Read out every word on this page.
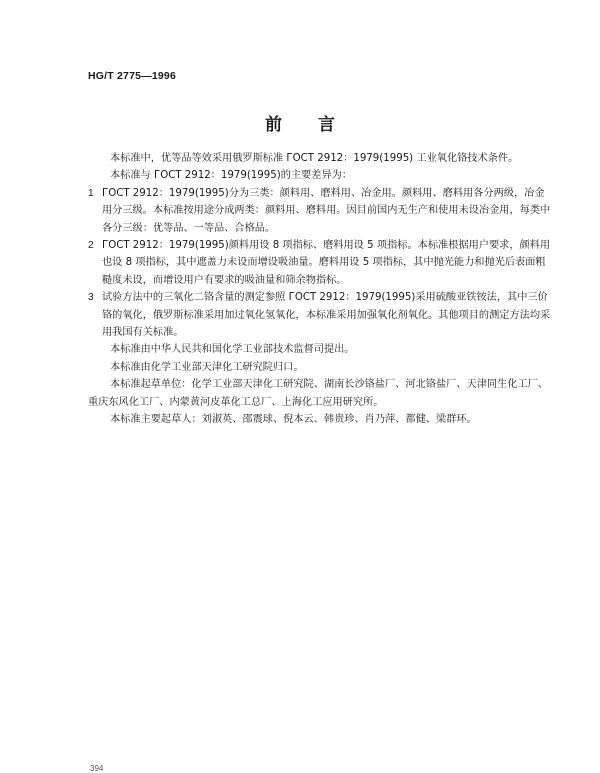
HG/T 2775—1996
前言

本标准中，优等品等效采用俄罗斯标准 ГОСТ 2912：1979(1995) 工业氧化铬技术条件。

本标准与 ГОСТ 2912：1979(1995)的主要差异为：

1 ГОСТ 2912：1979(1995)分为三类：颜料用、磨料用、冶金用。颜料用、磨料用各分两级，冶金用分三级。本标准按用途分成两类：颜料用、磨料用。因目前国内无生产和使用未设冶金用，每类中各分三级：优等品、一等品、合格品。
2 ГОСТ 2912：1979(1995)颜料用设 8 项指标、磨料用设 5 项指标。本标准根据用户要求，颜料用也设 8 项指标，其中遮盖力未设而增设吸油量。磨料用设 5 项指标，其中抛光能力和抛光后表面粗糙度未设，而增设用户有要求的吸油量和筛余物指标。
3 试验方法中的三氧化二铬含量的测定参照 ГОСТ 2912：1979(1995)采用硫酸亚铁铵法，其中三价铬的氧化，俄罗斯标准采用加过氧化氢氧化，本标准采用加强氧化剂氧化。其他项目的测定方法均采用我国有关标准。

本标准由中华人民共和国化学工业部技术监督司提出。

本标准由化学工业部天津化工研究院归口。

本标准起草单位：化学工业部天津化工研究院、湖南长沙铬盐厂、河北铬盐厂、天津同生化工厂、重庆东风化工厂、内蒙黄河皮革化工总厂、上海化工应用研究所。

本标准主要起草人：刘淑英、邵震球、倪本云、韩贵珍、肖乃萍、都健、梁群环。

394
